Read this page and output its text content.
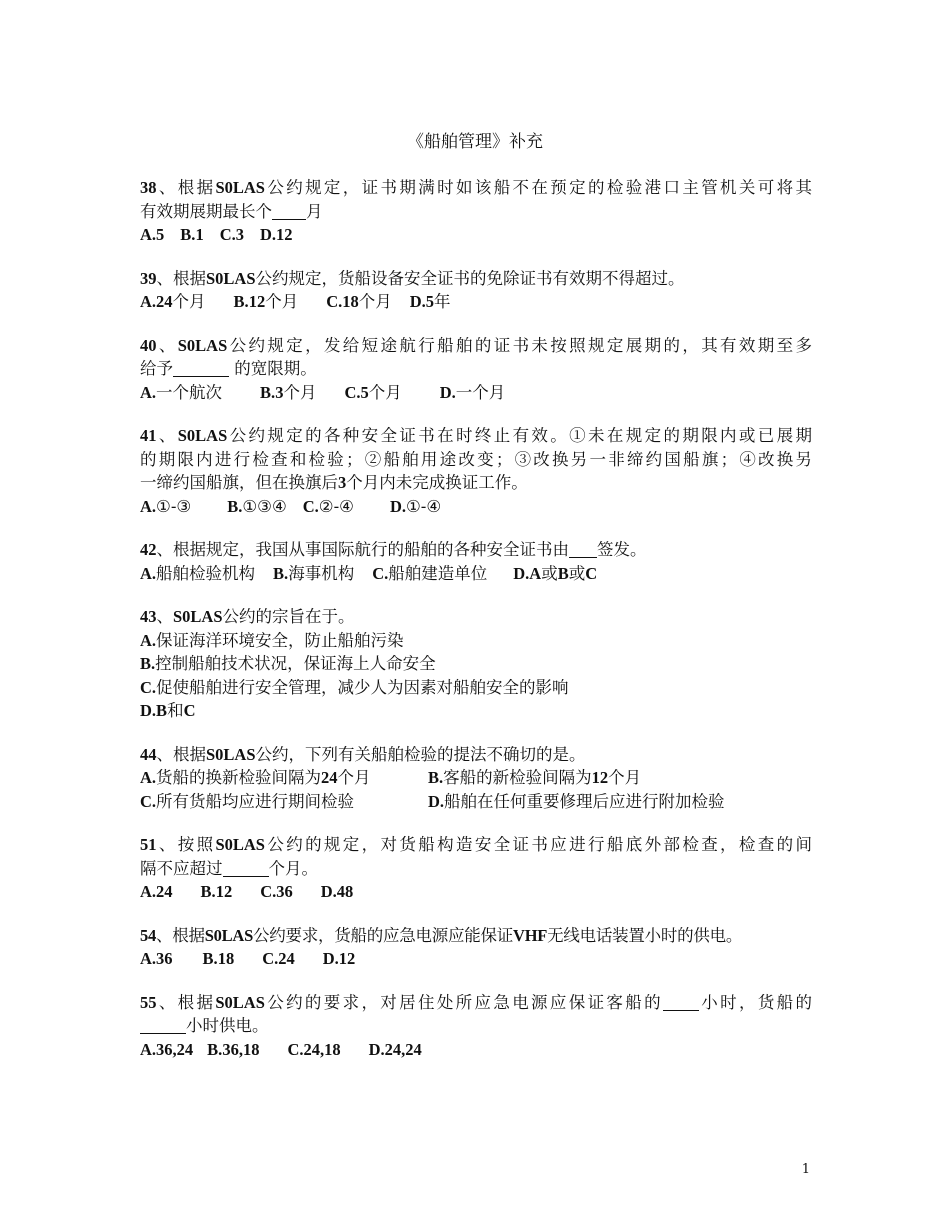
《船舶管理》补充
38、根据S0LAS公约规定，证书期满时如该船不在预定的检验港口主管机关可将其
有效期展期最长个 月
A.5 B.1 C.3 D.12
39、根据S0LAS公约规定，货船设备安全证书的免除证书有效期不得超过。
A.24个月 B.12个月 C.18个月 D.5年
40、S0LAS公约规定，发给短途航行船舶的证书未按照规定展期的，其有效期至多
给予	的宽限期。
A.一个航次 B.3个月 C.5个月 D.一个月
41、S0LAS公约规定的各种安全证书在时终止有效。①未在规定的期限内或已展期
的期限内进行检查和检验；②船舶用途改变；③改换另一非缔约国船旗；④改换另
一缔约国船旗，但在换旗后3个月内未完成换证工作。
A.①-③ B.①③④ C.②-④ D.①-④
42、根据规定，我国从事国际航行的船舶的各种安全证书由 签发。
A.船舶检验机构 B.海事机构 C.船舶建造单位 D.A或B或C
43、S0LAS公约的宗旨在于。
A.保证海洋环境安全，防止船舶污染
B.控制船舶技术状况，保证海上人命安全
C.促使船舶进行安全管理，减少人为因素对船舶安全的影响
D.B和C
44、根据S0LAS公约，下列有关船舶检验的提法不确切的是。
A.货船的换新检验间隔为24个月	B.客船的新检验间隔为12个月
C.所有货船均应进行期间检验	D.船舶在任何重要修理后应进行附加检验
51、按照S0LAS公约的规定，对货船构造安全证书应进行船底外部检查，检查的间
隔不应超过	个月。
A.24 B.12 C.36 D.48
54、根据S0LAS公约要求，货船的应急电源应能保证VHF无线电话装置小时的供电。
A.36 B.18 C.24 D.12
55、根据S0LAS公约的要求，对居住处所应急电源应保证客船的 小时，货船的
小时供电。
A.36,24 B.36,18 C.24,18 D.24,24
1
